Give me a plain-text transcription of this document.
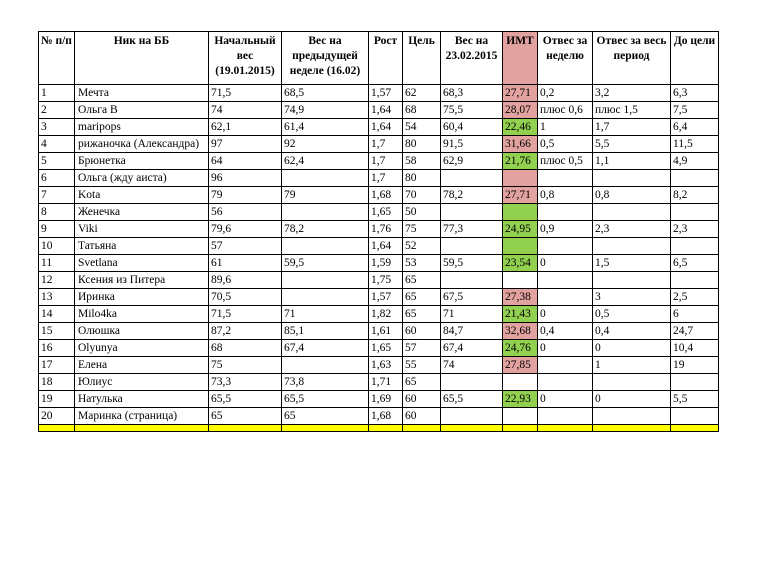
№ п/п	Ник на ББ	Начальный вес (19.01.2015)	Вес на предыдущей неделе (16.02)	Рост	Цель	Вес на 23.02.2015	ИМТ	Отвес за неделю	Отвес за весь период	До цели
1	Мечта	71,5	68,5	1,57	62	68,3	27,71	0,2	3,2	6,3
2	Ольга В	74	74,9	1,64	68	75,5	28,07	плюс 0,6	плюс 1,5	7,5
3	maripops	62,1	61,4	1,64	54	60,4	22,46	1	1,7	6,4
4	рижаночка (Александра)	97	92	1,7	80	91,5	31,66	0,5	5,5	11,5
5	Брюнетка	64	62,4	1,7	58	62,9	21,76	плюс 0,5	1,1	4,9
6	Ольга (жду аиста)	96		1,7	80					
7	Kota	79	79	1,68	70	78,2	27,71	0,8	0,8	8,2
8	Женечка	56		1,65	50					
9	Viki	79,6	78,2	1,76	75	77,3	24,95	0,9	2,3	2,3
10	Татьяна	57		1,64	52					
11	Svetlana	61	59,5	1,59	53	59,5	23,54	0	1,5	6,5
12	Ксения из Питера	89,6		1,75	65					
13	Иринка	70,5		1,57	65	67,5	27,38		3	2,5
14	Milo4ka	71,5	71	1,82	65	71	21,43	0	0,5	6
15	Олюшка	87,2	85,1	1,61	60	84,7	32,68	0,4	0,4	24,7
16	Olyunya	68	67,4	1,65	57	67,4	24,76	0	0	10,4
17	Елена	75		1,63	55	74	27,85		1	19
18	Юлиус	73,3	73,8	1,71	65					
19	Натулька	65,5	65,5	1,69	60	65,5	22,93	0	0	5,5
20	Маринка (страница)	65	65	1,68	60					
